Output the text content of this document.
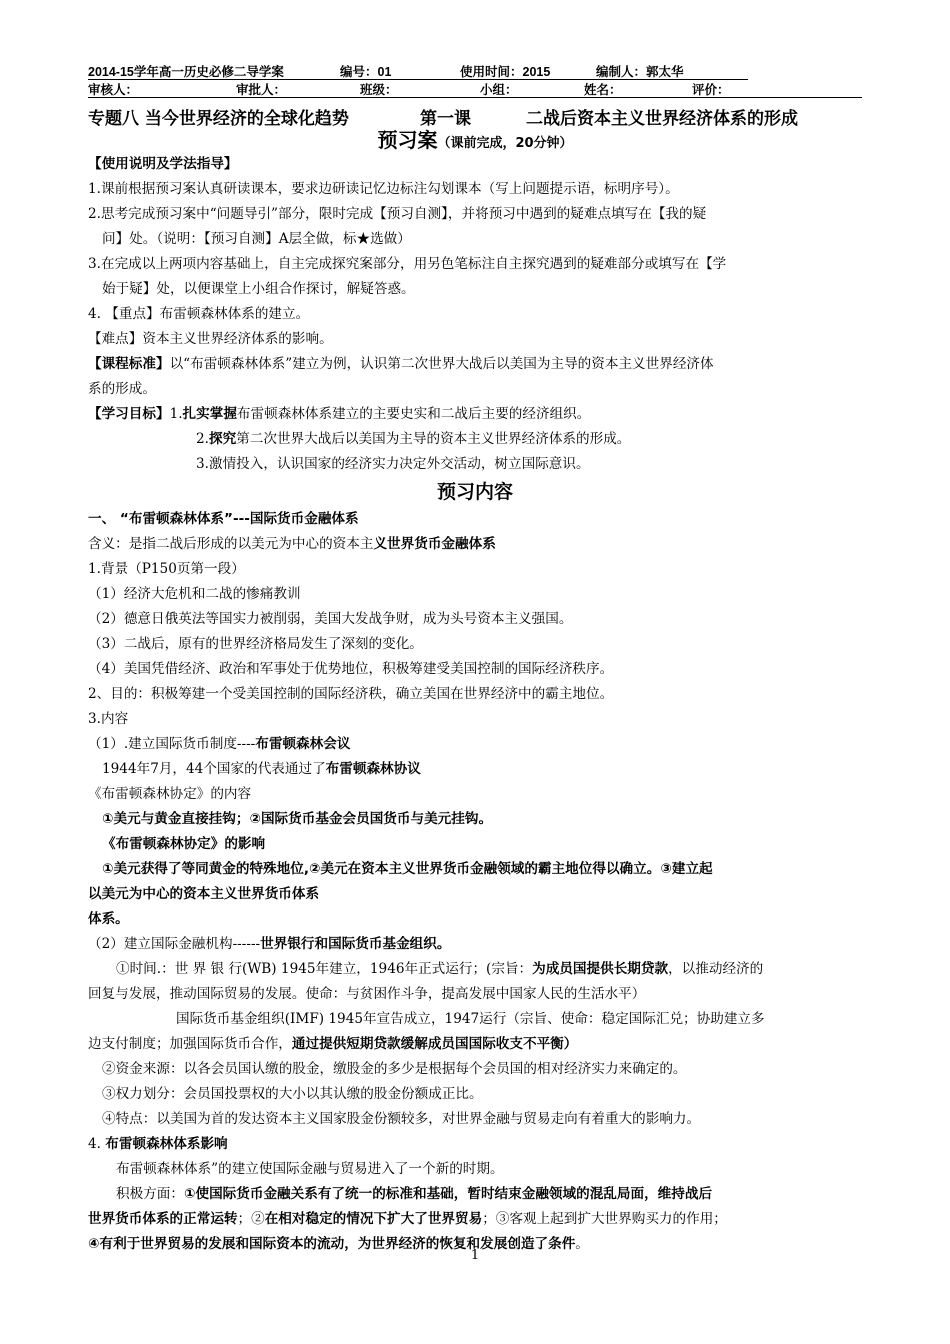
2014-15学年高一历史必修二导学案	编号：01	使用时间：2015	编制人：郭太华
审核人：	审批人：	班级：	小组：	姓名：	评价：
专题八 当今世界经济的全球化趋势	第一课	二战后资本主义世界经济体系的形成
预习案（课前完成，20分钟）
【使用说明及学法指导】
1.课前根据预习案认真研读课本，要求边研读记忆边标注勾划课本（写上问题提示语，标明序号）。
2.思考完成预习案中“问题导引”部分，限时完成【预习自测】，并将预习中遇到的疑难点填写在【我的疑
问】处。（说明：【预习自测】A层全做，标★选做）
3.在完成以上两项内容基础上，自主完成探究案部分，用另色笔标注自主探究遇到的疑难部分或填写在【学
始于疑】处，以便课堂上小组合作探讨，解疑答惑。
4. 【重点】布雷顿森林体系的建立。
【难点】资本主义世界经济体系的影响。
【课程标准】以“布雷顿森林体系”建立为例，认识第二次世界大战后以美国为主导的资本主义世界经济体
系的形成。
【学习目标】1.扎实掌握布雷顿森林体系建立的主要史实和二战后主要的经济组织。
2.探究第二次世界大战后以美国为主导的资本主义世界经济体系的形成。
3.激情投入，认识国家的经济实力决定外交活动，树立国际意识。
预习内容
一、 “布雷顿森林体系”---国际货币金融体系
含义：是指二战后形成的以美元为中心的资本主义世界货币金融体系
1.背景（P150页第一段）
（1）经济大危机和二战的惨痛教训
（2）德意日俄英法等国实力被削弱，美国大发战争财，成为头号资本主义强国。
（3）二战后，原有的世界经济格局发生了深刻的变化。
（4）美国凭借经济、政治和军事处于优势地位，积极筹建受美国控制的国际经济秩序。
2、目的：积极筹建一个受美国控制的国际经济秩，确立美国在世界经济中的霸主地位。
3.内容
（1）.建立国际货币制度----布雷顿森林会议
1944年7月，44个国家的代表通过了布雷顿森林协议
《布雷顿森林协定》的内容
①美元与黄金直接挂钩；②国际货币基金会员国货币与美元挂钩。
《布雷顿森林协定》的影响
①美元获得了等同黄金的特殊地位,②美元在资本主义世界货币金融领域的霸主地位得以确立。③建立起
以美元为中心的资本主义世界货币体系
体系。
（2）建立国际金融机构------世界银行和国际货币基金组织。
①时间.：世 界 银 行(WB) 1945年建立，1946年正式运行；(宗旨：为成员国提供长期贷款，以推动经济的
回复与发展，推动国际贸易的发展。使命：与贫困作斗争，提高发展中国家人民的生活水平）
国际货币基金组织(IMF) 1945年宣告成立，1947运行（宗旨、使命：稳定国际汇兑；协助建立多
边支付制度；加强国际货币合作，通过提供短期贷款缓解成员国国际收支不平衡）
②资金来源：以各会员国认缴的股金，缴股金的多少是根据每个会员国的相对经济实力来确定的。
③权力划分：会员国投票权的大小以其认缴的股金份额成正比。
④特点：以美国为首的发达资本主义国家股金份额较多，对世界金融与贸易走向有着重大的影响力。
4. 布雷顿森林体系影响
布雷顿森林体系”的建立使国际金融与贸易进入了一个新的时期。
积极方面：①使国际货币金融关系有了统一的标准和基础，暂时结束金融领域的混乱局面，维持战后
世界货币体系的正常运转；②在相对稳定的情况下扩大了世界贸易；③客观上起到扩大世界购买力的作用；
④有利于世界贸易的发展和国际资本的流动，为世界经济的恢复和发展创造了条件。
1
